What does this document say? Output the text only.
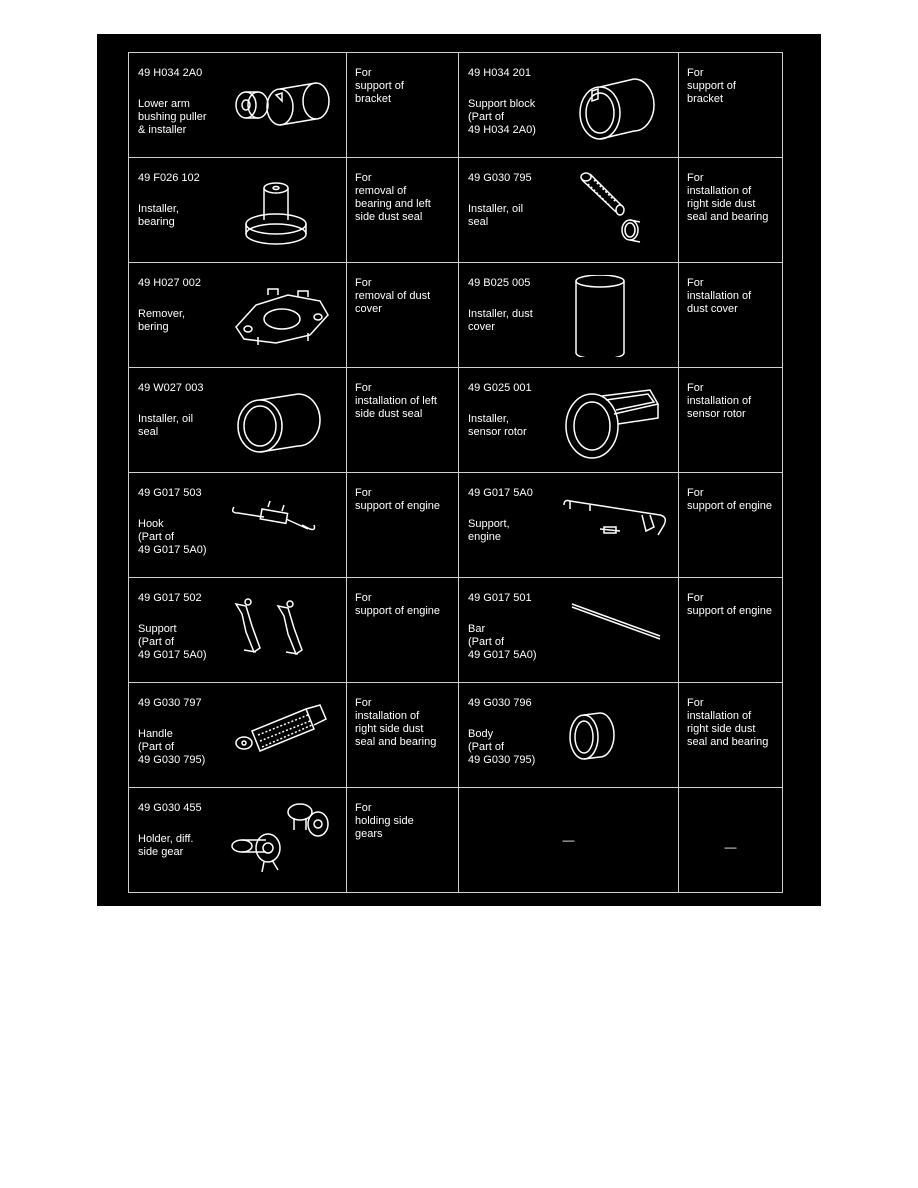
49 H034 2A0
Lower arm
bushing puller
& installer	For
support of
bracket	49 H034 201
Support block
(Part of
49 H034 2A0)	For
support of
bracket

49 F026 102
Installer,
bearing	For
removal of
bearing and left
side dust seal	49 G030 795
Installer, oil
seal	For
installation of
right side dust
seal and bearing

49 H027 002
Remover,
bering	For
removal of dust
cover	49 B025 005
Installer, dust
cover	For
installation of
dust cover

49 W027 003
Installer, oil
seal	For
installation of left
side dust seal	49 G025 001
Installer,
sensor rotor	For
installation of
sensor rotor

49 G017 503
Hook
(Part of
49 G017 5A0)	For
support of engine	49 G017 5A0
Support,
engine	For
support of engine

49 G017 502
Support
(Part of
49 G017 5A0)	For
support of engine	49 G017 501
Bar
(Part of
49 G017 5A0)	For
support of engine

49 G030 797
Handle
(Part of
49 G030 795)	For
installation of
right side dust
seal and bearing	49 G030 796
Body
(Part of
49 G030 795)	For
installation of
right side dust
seal and bearing

49 G030 455
Holder, diff.
side gear	For
holding side
gears	—	—
